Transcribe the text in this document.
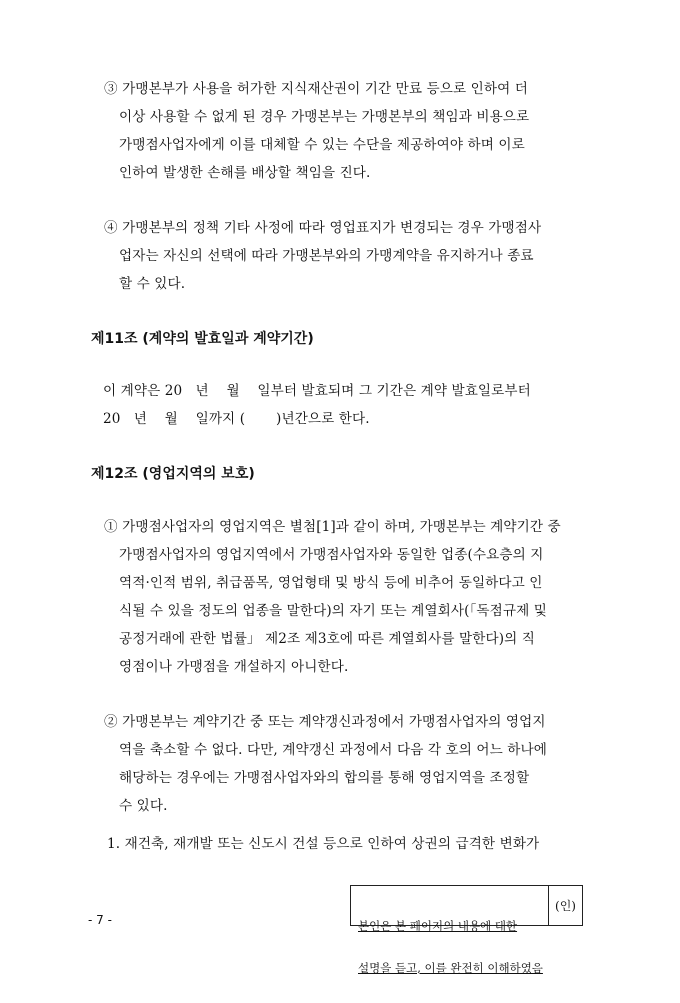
③ 가맹본부가 사용을 허가한 지식재산권이 기간 만료 등으로 인하여 더
이상 사용할 수 없게 된 경우 가맹본부는 가맹본부의 책임과 비용으로
가맹점사업자에게 이를 대체할 수 있는 수단을 제공하여야 하며 이로
인하여 발생한 손해를 배상할 책임을 진다.
④ 가맹본부의 정책 기타 사정에 따라 영업표지가 변경되는 경우 가맹점사
업자는 자신의 선택에 따라 가맹본부와의 가맹계약을 유지하거나 종료
할 수 있다.
제11조 (계약의 발효일과 계약기간)
이 계약은 20   년    월    일부터 발효되며 그 기간은 계약 발효일로부터
20   년    월    일까지 (       )년간으로 한다.
제12조 (영업지역의 보호)
① 가맹점사업자의 영업지역은 별첨[1]과 같이 하며, 가맹본부는 계약기간 중
가맹점사업자의 영업지역에서 가맹점사업자와 동일한 업종(수요층의 지
역적·인적 범위, 취급품목, 영업형태 및 방식 등에 비추어 동일하다고 인
식될 수 있을 정도의 업종을 말한다)의 자기 또는 계열회사(「독점규제 및
공정거래에 관한 법률」 제2조 제3호에 따른 계열회사를 말한다)의 직
영점이나 가맹점을 개설하지 아니한다.
② 가맹본부는 계약기간 중 또는 계약갱신과정에서 가맹점사업자의 영업지
역을 축소할 수 없다. 다만, 계약갱신 과정에서 다음 각 호의 어느 하나에
해당하는 경우에는 가맹점사업자와의 합의를 통해 영업지역을 조정할
수 있다.
1. 재건축, 재개발 또는 신도시 건설 등으로 인하여 상권의 급격한 변화가

본인은 본 페이지의 내용에 대한

설명을 듣고, 이를 완전히 이해하였음

(인)
- 7 -
